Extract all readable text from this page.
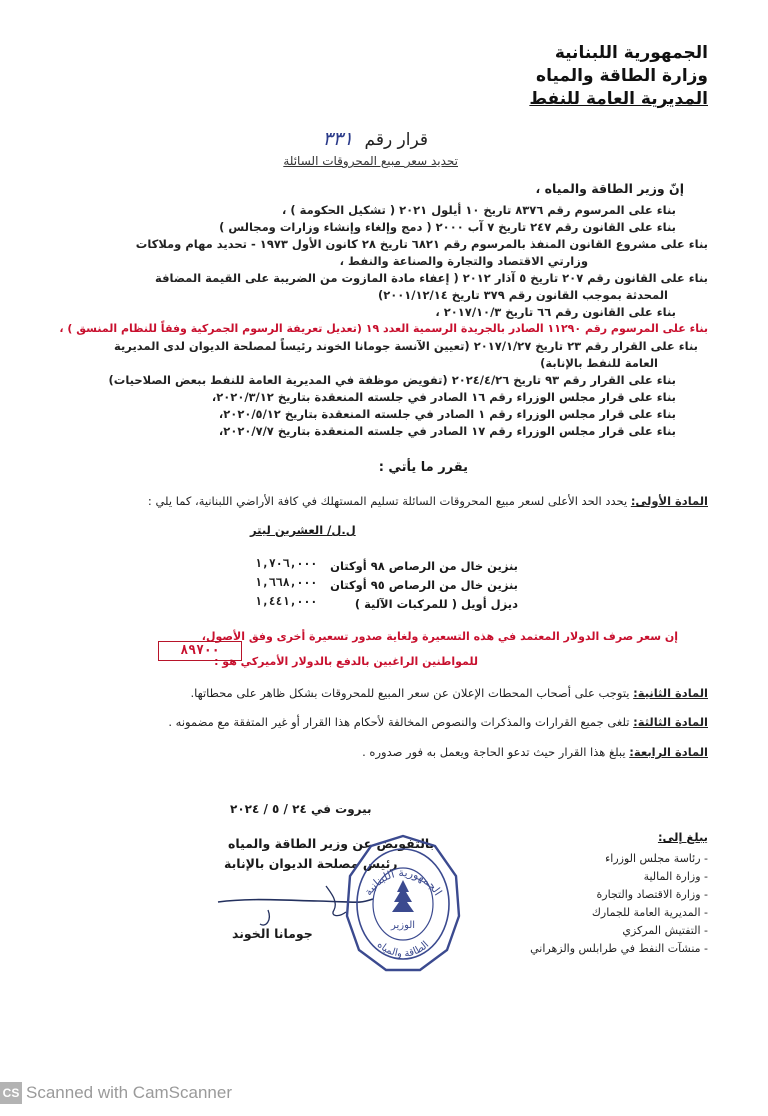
الجمهورية اللبنانية
وزارة الطاقة والمياه
المديرية العامة للنفط
قرار رقم ٣٣١
تحديد سعر مبيع المحروقات السائلة
إنّ وزير الطاقة والمياه ،
بناء على المرسوم رقم ٨٣٧٦ تاريخ ١٠ أيلول ٢٠٢١ ( تشكيل الحكومة ) ،
بناء على القانون رقم ٢٤٧ تاريخ ٧ آب ٢٠٠٠ ( دمج وإلغاء وإنشاء وزارات ومجالس )
بناء على مشروع القانون المنفذ بالمرسوم رقم ٦٨٢١ تاريخ ٢٨ كانون الأول ١٩٧٣ - تحديد مهام وملاكات
وزارتي الاقتصاد والتجارة والصناعة والنفط ،
بناء على القانون رقم ٢٠٧ تاريخ ٥ آذار ٢٠١٢ ( إعفاء مادة المازوت من الضريبة على القيمة المضافة
المحدثة بموجب القانون رقم ٣٧٩ تاريخ ٢٠٠١/١٢/١٤)
بناء على القانون رقم ٦٦ تاريخ ٢٠١٧/١٠/٣ ،
بناء على المرسوم رقم ١١٢٩٠ الصادر بالجريدة الرسمية العدد ١٩ (تعديل تعريفة الرسوم الجمركية وفقاً للنظام المنسق ) ،
بناء على القرار رقم ٢٣ تاريخ ٢٠١٧/١/٢٧ (تعيين الآنسة جومانا الخوند رئيساً لمصلحة الديوان لدى المديرية
العامة للنفط بالإنابة)
بناء على القرار رقم ٩٣ تاريخ ٢٠٢٤/٤/٢٦ (تفويض موظفة في المديرية العامة للنفط ببعض الصلاحيات)
بناء على قرار مجلس الوزراء رقم ١٦ الصادر في جلسته المنعقدة بتاريخ ٢٠٢٠/٣/١٢،
بناء على قرار مجلس الوزراء رقم ١ الصادر في جلسته المنعقدة بتاريخ ٢٠٢٠/٥/١٢،
بناء على قرار مجلس الوزراء رقم ١٧ الصادر في جلسته المنعقدة بتاريخ ٢٠٢٠/٧/٧،
يقرر ما يأتي :
المادة الأولى: يحدد الحد الأعلى لسعر مبيع المحروقات السائلة تسليم المستهلك في كافة الأراضي اللبنانية، كما يلي :
ل.ل/ العشرين ليتر
بنزين خال من الرصاص ٩٨ أوكتان
١,٧٠٦,٠٠٠
بنزين خال من الرصاص ٩٥ أوكتان
١,٦٦٨,٠٠٠
ديزل أويل ( للمركبات الآلية )
١,٤٤١,٠٠٠
إن سعر صرف الدولار المعتمد في هذه التسعيرة ولغاية صدور تسعيرة أخرى وفق الأصول،
للمواطنين الراغبين بالدفع بالدولار الأميركي هو :
٨٩٧٠٠
المادة الثانية: يتوجب على أصحاب المحطات الإعلان عن سعر المبيع للمحروقات بشكل ظاهر على محطاتها.
المادة الثالثة: تلغى جميع القرارات والمذكرات والنصوص المخالفة لأحكام هذا القرار أو غير المتفقة مع مضمونه .
المادة الرابعة: يبلغ هذا القرار حيث تدعو الحاجة ويعمل به فور صدوره .
بيروت في ٢٤ / ٥ / ٢٠٢٤
بالتفويض عن وزير الطاقة والمياه
رئيس مصلحة الديوان بالإنابة
جومانا الخوند
الجمهورية اللبنانية
الوزير
الطاقة والمياه
يبلغ إلى:
- رئاسة مجلس الوزراء
- وزارة المالية
- وزارة الاقتصاد والتجارة
- المديرية العامة للجمارك
- التفتيش المركزي
- منشآت النفط في طرابلس والزهراني
CS Scanned with CamScanner
